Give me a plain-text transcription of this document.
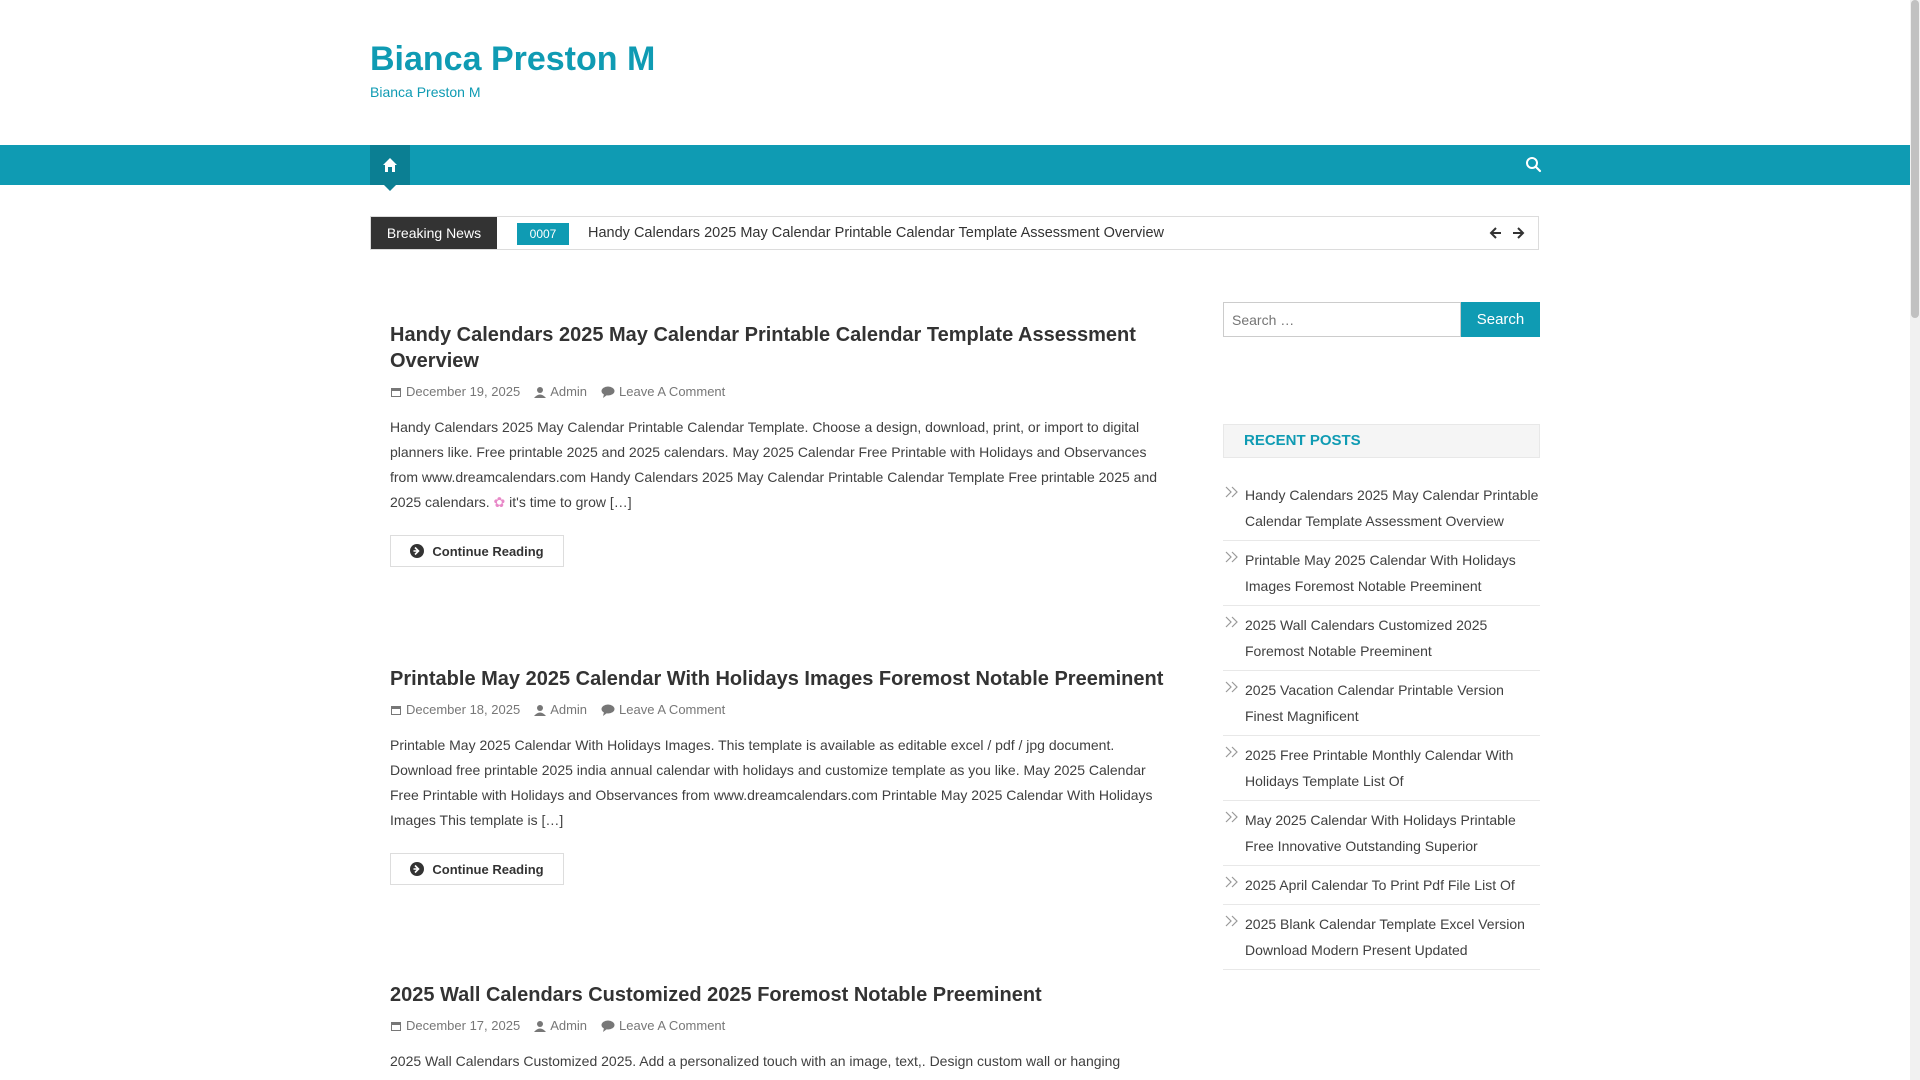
Bianca Preston M
Bianca Preston M
Breaking News	0007	Handy Calendars 2025 May Calendar Printable Calendar Template Assessment Overview
Handy Calendars 2025 May Calendar Printable Calendar Template Assessment Overview
December 19, 2025 Admin Leave A Comment
Handy Calendars 2025 May Calendar Printable Calendar Template. Choose a design, download, print, or import to digital planners like. Free printable 2025 and 2025 calendars. May 2025 Calendar Free Printable with Holidays and Observances from www.dreamcalendars.com Handy Calendars 2025 May Calendar Printable Calendar Template Free printable 2025 and 2025 calendars. ✿ it's time to grow […]
Continue Reading
Printable May 2025 Calendar With Holidays Images Foremost Notable Preeminent
December 18, 2025 Admin Leave A Comment
Printable May 2025 Calendar With Holidays Images. This template is available as editable excel / pdf / jpg document. Download free printable 2025 india annual calendar with holidays and customize template as you like. May 2025 Calendar Free Printable with Holidays and Observances from www.dreamcalendars.com Printable May 2025 Calendar With Holidays Images This template is […]
Continue Reading
2025 Wall Calendars Customized 2025 Foremost Notable Preeminent
December 17, 2025 Admin Leave A Comment
2025 Wall Calendars Customized 2025. Add a personalized touch with an image, text,. Design custom wall or hanging
Search …
Search
RECENT POSTS
Handy Calendars 2025 May Calendar Printable Calendar Template Assessment Overview
Printable May 2025 Calendar With Holidays Images Foremost Notable Preeminent
2025 Wall Calendars Customized 2025 Foremost Notable Preeminent
2025 Vacation Calendar Printable Version Finest Magnificent
2025 Free Printable Monthly Calendar With Holidays Template List Of
May 2025 Calendar With Holidays Printable Free Innovative Outstanding Superior
2025 April Calendar To Print Pdf File List Of
2025 Blank Calendar Template Excel Version Download Modern Present Updated
